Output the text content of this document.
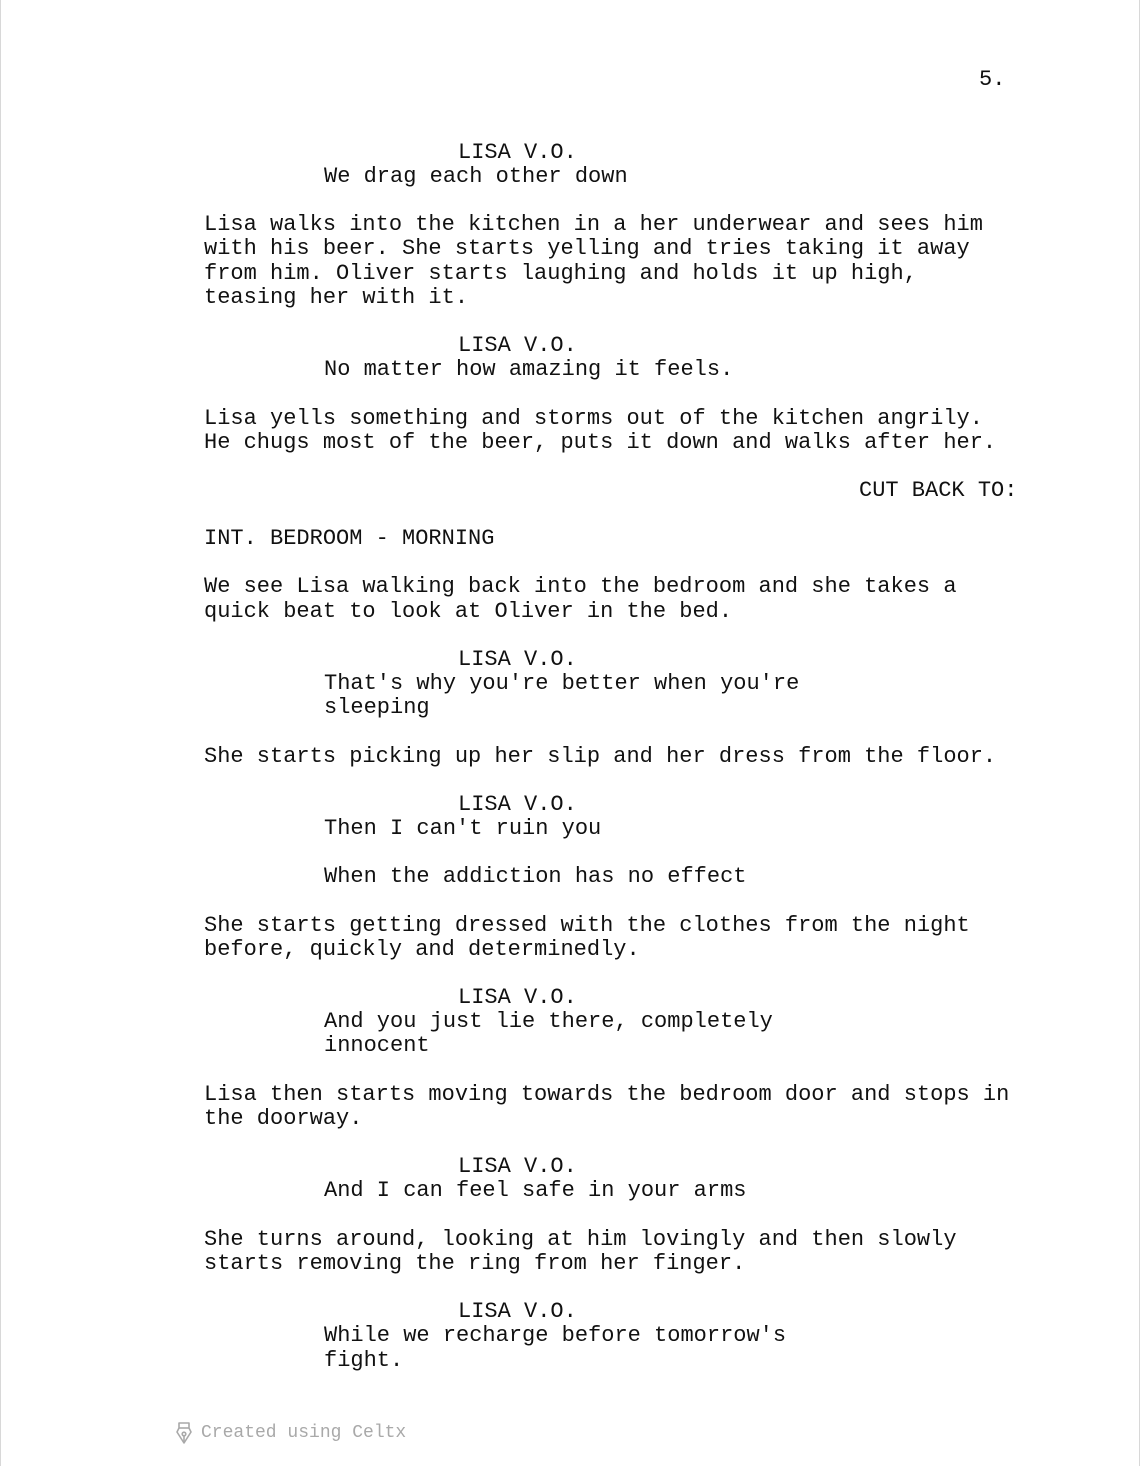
5.
LISA V.O.
We drag each other down
Lisa walks into the kitchen in a her underwear and sees him
with his beer. She starts yelling and tries taking it away
from him. Oliver starts laughing and holds it up high,
teasing her with it.
LISA V.O.
No matter how amazing it feels.
Lisa yells something and storms out of the kitchen angrily.
He chugs most of the beer, puts it down and walks after her.
CUT BACK TO:
INT. BEDROOM - MORNING
We see Lisa walking back into the bedroom and she takes a
quick beat to look at Oliver in the bed.
LISA V.O.
That's why you're better when you're
sleeping
She starts picking up her slip and her dress from the floor.
LISA V.O.
Then I can't ruin you
When the addiction has no effect
She starts getting dressed with the clothes from the night
before, quickly and determinedly.
LISA V.O.
And you just lie there, completely
innocent
Lisa then starts moving towards the bedroom door and stops in
the doorway.
LISA V.O.
And I can feel safe in your arms
She turns around, looking at him lovingly and then slowly
starts removing the ring from her finger.
LISA V.O.
While we recharge before tomorrow's
fight.
Created using Celtx
